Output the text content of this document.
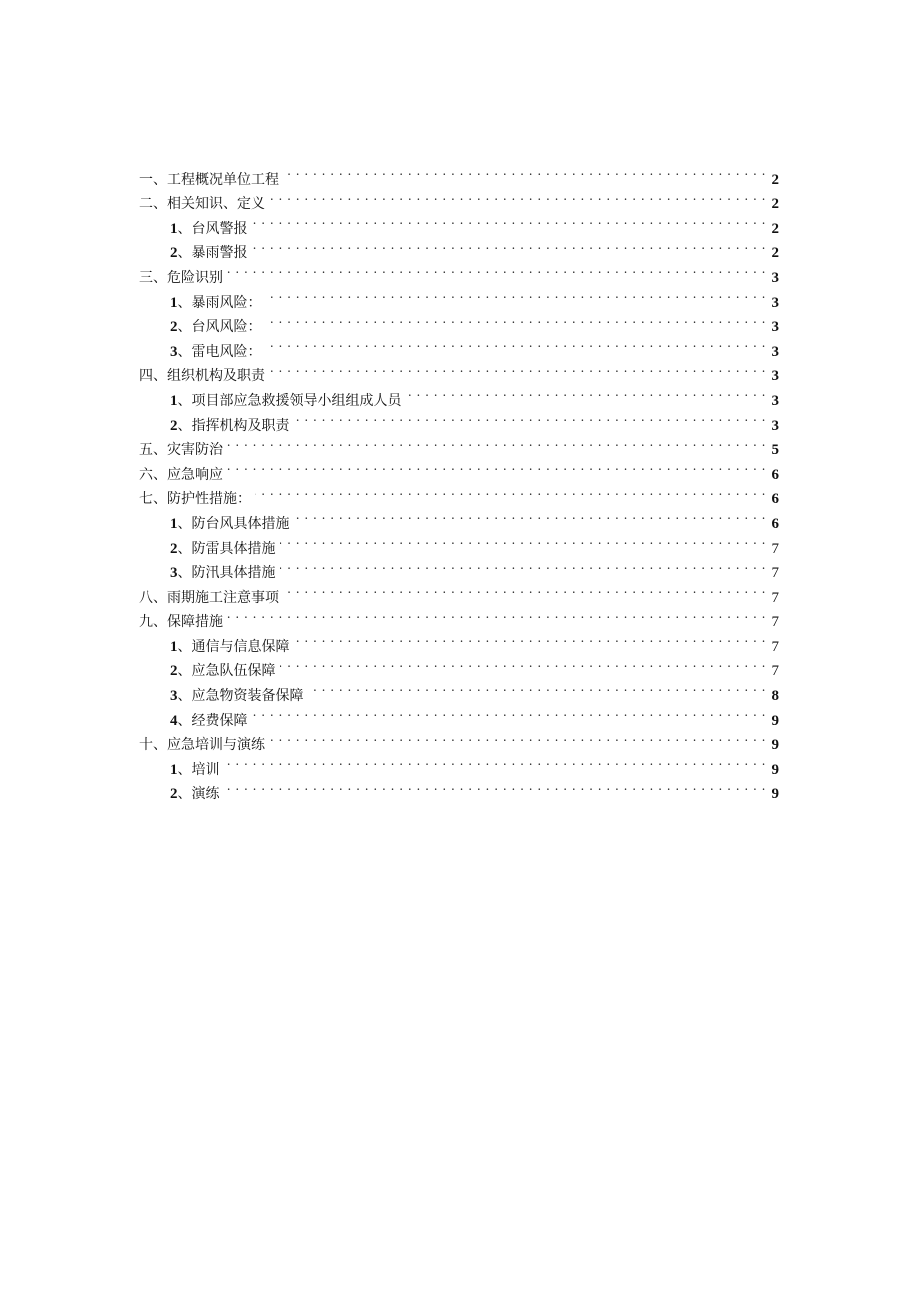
一、工程概况单位工程 . . .	2
二、相关知识、定义 . . .	2
1、台风警报 . . .	2
2、暴雨警报 . . .	2
三、危险识别 . . .	3
1、暴雨风险： . . .	3
2、台风风险： . . .	3
3、雷电风险： . . .	3
四、组织机构及职责 . . .	3
1、项目部应急救援领导小组组成人员 . . .	3
2、指挥机构及职责 . . .	3
五、灾害防治 . . .	5
六、应急响应 . . .	6
七、防护性措施： . . .	6
1、防台风具体措施 . . .	6
2、防雷具体措施 . . .	7
3、防汛具体措施 . . .	7
八、雨期施工注意事项 . . .	7
九、保障措施 . . .	7
1、通信与信息保障 . . .	7
2、应急队伍保障 . . .	7
3、应急物资装备保障 . . .	8
4、经费保障 . . .	9
十、应急培训与演练 . . .	9
1、培训 . . .	9
2、演练 . . .	9
